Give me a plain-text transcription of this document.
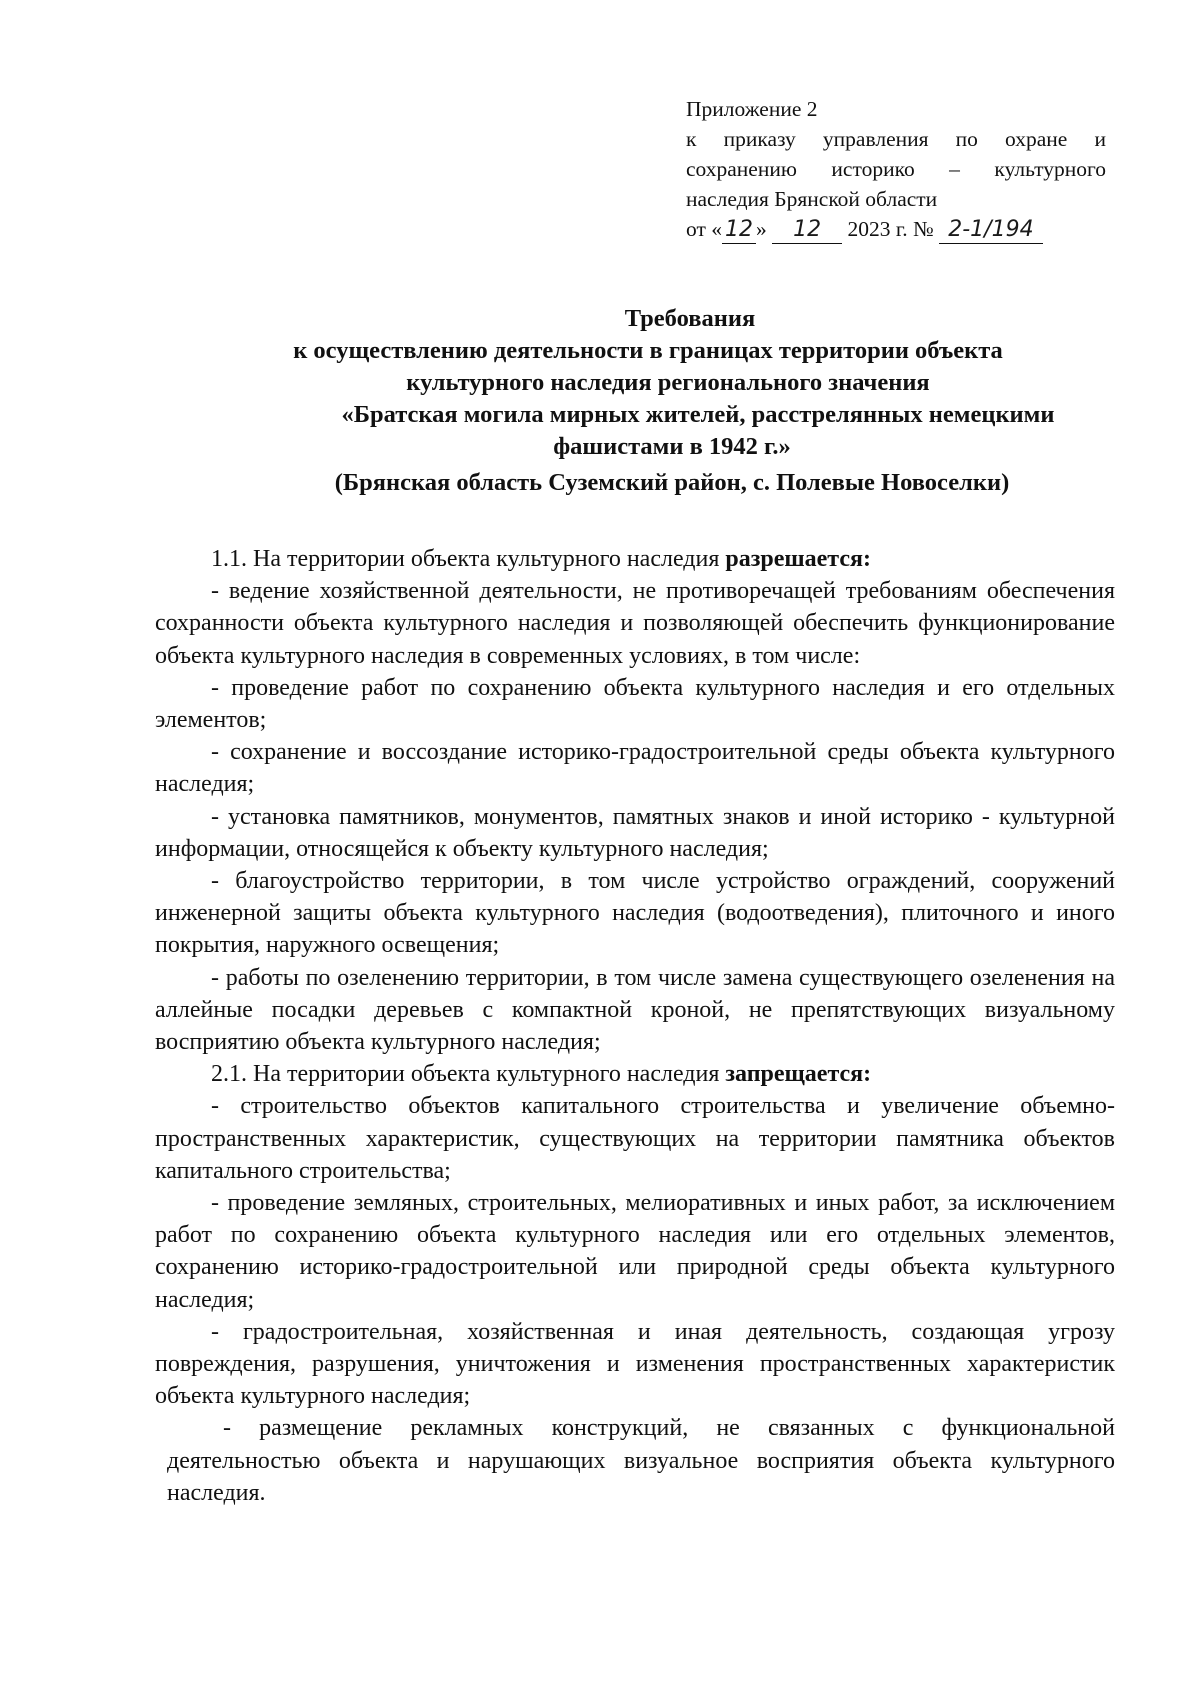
Приложение 2
к приказу управления по охране и
сохранению историко – культурного
наследия Брянской области
от « 12 » 12 2023 г. № 2-1/194
Требования
к осуществлению деятельности в границах территории объекта
культурного наследия регионального значения
«Братская могила мирных жителей, расстрелянных немецкими
фашистами в 1942 г.»
(Брянская область Суземский район, с. Полевые Новоселки)
1.1. На территории объекта культурного наследия разрешается:
- ведение хозяйственной деятельности, не противоречащей требованиям обеспечения сохранности объекта культурного наследия и позволяющей обеспечить функционирование объекта культурного наследия в современных условиях, в том числе:
- проведение работ по сохранению объекта культурного наследия и его отдельных элементов;
- сохранение и воссоздание историко-градостроительной среды объекта культурного наследия;
- установка памятников, монументов, памятных знаков и иной историко - культурной информации, относящейся к объекту культурного наследия;
- благоустройство территории, в том числе устройство ограждений, сооружений инженерной защиты объекта культурного наследия (водоотведения), плиточного и иного покрытия, наружного освещения;
- работы по озеленению территории, в том числе замена существующего озеленения на аллейные посадки деревьев с компактной кроной, не препятствующих визуальному восприятию объекта культурного наследия;
2.1. На территории объекта культурного наследия запрещается:
- строительство объектов капитального строительства и увеличение объемно-пространственных характеристик, существующих на территории памятника объектов капитального строительства;
- проведение земляных, строительных, мелиоративных и иных работ, за исключением работ по сохранению объекта культурного наследия или его отдельных элементов, сохранению историко-градостроительной или природной среды объекта культурного наследия;
- градостроительная, хозяйственная и иная деятельность, создающая угрозу повреждения, разрушения, уничтожения и изменения пространственных характеристик объекта культурного наследия;
- размещение рекламных конструкций, не связанных с функциональной деятельностью объекта и нарушающих визуальное восприятия объекта культурного наследия.
